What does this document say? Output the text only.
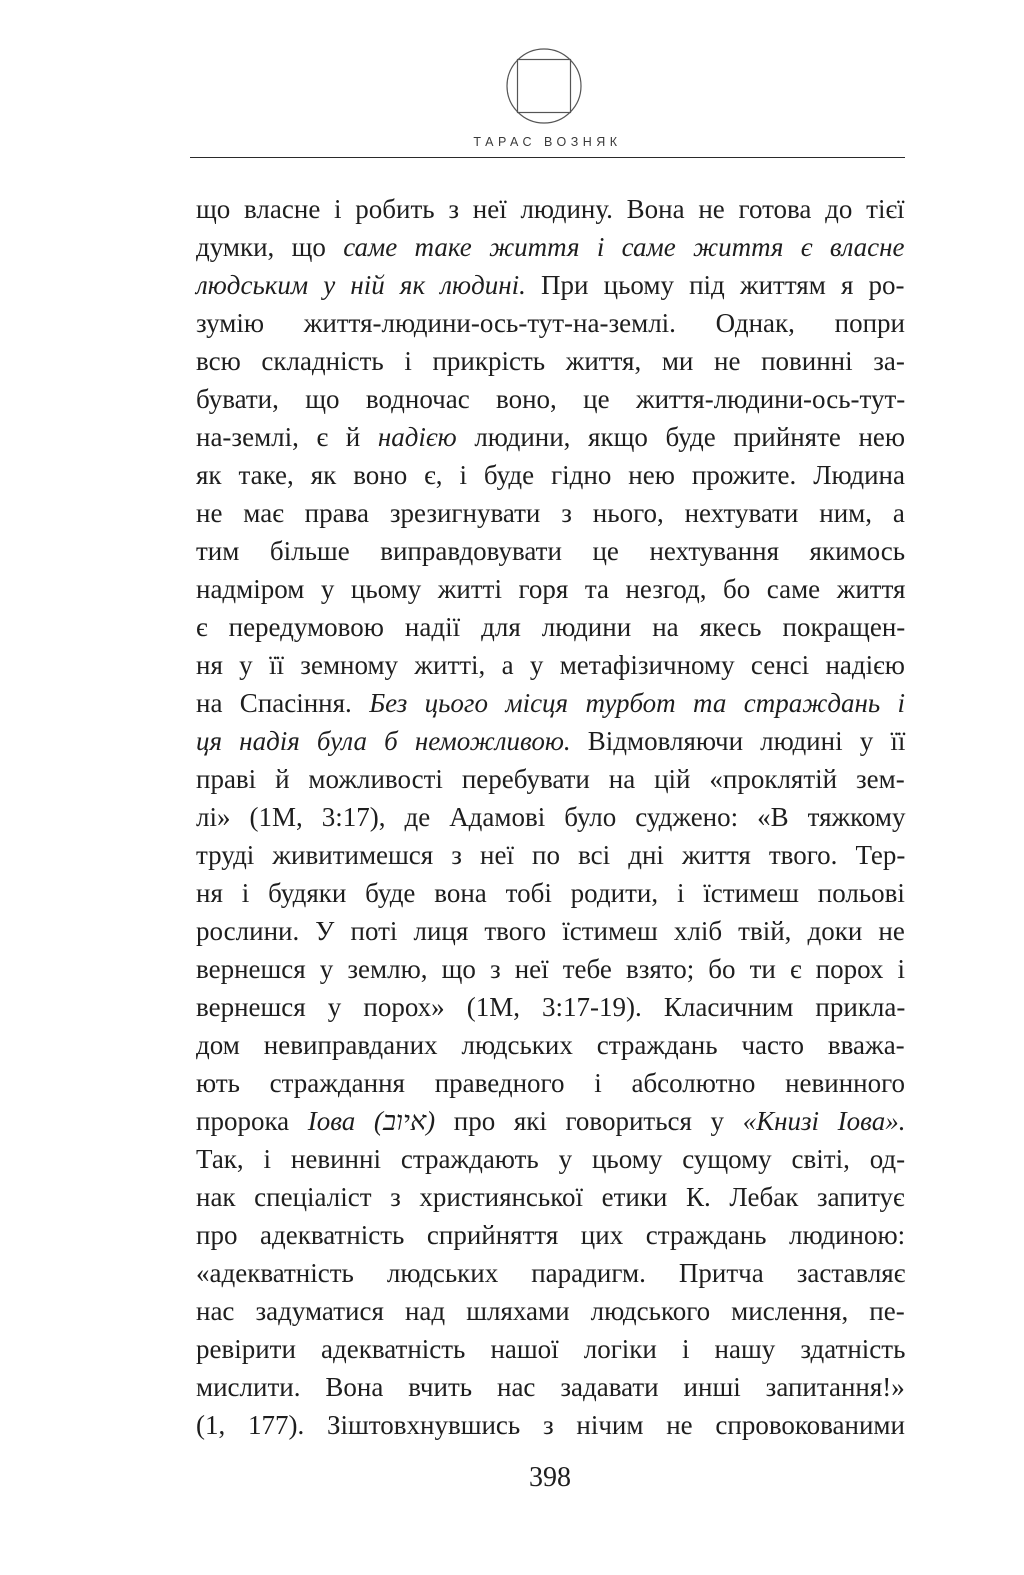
ТАРАС ВОЗНЯК
що власне і робить з неї людину. Вона не готова до тієї
думки, що саме таке життя і саме життя є власне
людським у ній як людині. При цьому під життям я ро-
зумію життя-людини-ось-тут-на-землі. Однак, попри
всю складність і прикрість життя, ми не повинні за-
бувати, що водночас воно, це життя-людини-ось-тут-
на-землі, є й надією людини, якщо буде прийняте нею
як таке, як воно є, і буде гідно нею прожите. Людина
не має права зрезигнувати з нього, нехтувати ним, а
тим більше виправдовувати це нехтування якимось
надміром у цьому житті горя та незгод, бо саме життя
є передумовою надії для людини на якесь покращен-
ня у її земному житті, а у метафізичному сенсі надією
на Спасіння. Без цього місця турбот та страждань і
ця надія була б неможливою. Відмовляючи людині у її
праві й можливості перебувати на цій «проклятій зем-
лі» (1М, 3:17), де Адамові було суджено: «В тяжкому
труді живитимешся з неї по всі дні життя твого. Тер-
ня і будяки буде вона тобі родити, і їстимеш польові
рослини. У поті лиця твого їстимеш хліб твій, доки не
вернешся у землю, що з неї тебе взято; бо ти є порох і
вернешся у порох» (1М, 3:17-19). Класичним прикла-
дом невиправданих людських страждань часто вважа-
ють страждання праведного і абсолютно невинного
пророка Іова (איוב) про які говориться у «Книзі Іова».
Так, і невинні страждають у цьому сущому світі, од-
нак спеціаліст з християнської етики К. Лебак запитує
про адекватність сприйняття цих страждань людиною:
«адекватність людських парадигм. Притча заставляє
нас задуматися над шляхами людського мислення, пе-
ревірити адекватність нашої логіки і нашу здатність
мислити. Вона вчить нас задавати инші запитання!»
(1, 177). Зіштовхнувшись з нічим не спровокованими
398
